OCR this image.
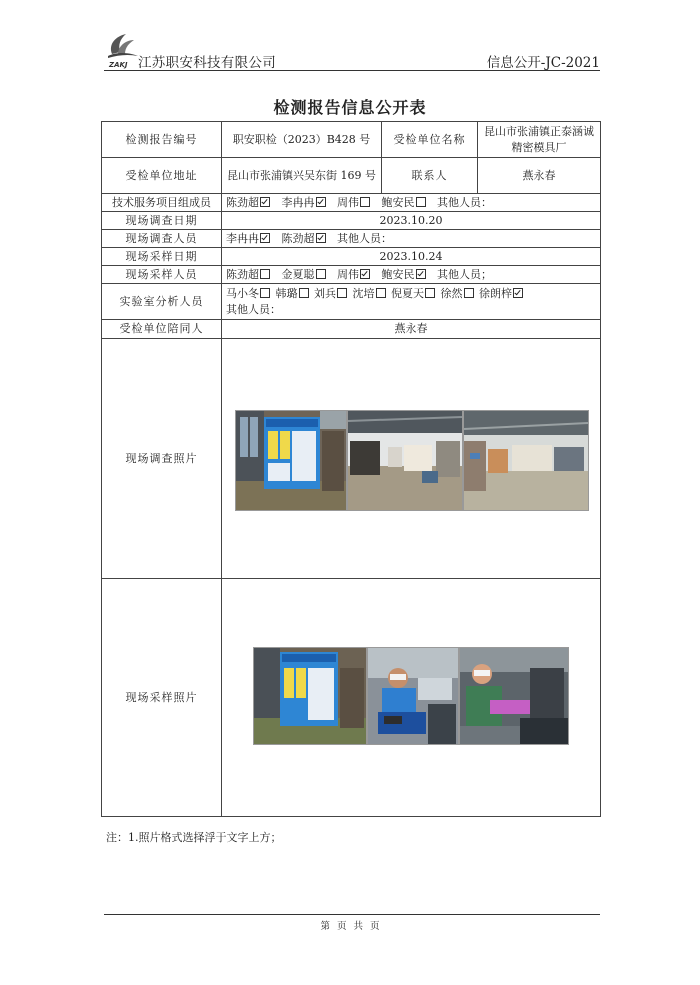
ZAKJ 江苏职安科技有限公司	信息公开-JC-2021
检测报告信息公开表
检测报告编号	职安职检（2023）B428 号	受检单位名称	昆山市张浦镇正泰涵诚精密模具厂
受检单位地址	昆山市张浦镇兴吴东街 169 号	联系人	燕永春
技术服务项目组成员	陈劲超 李冉冉 周伟 鲍安民 其他人员：		
现场调查日期	2023.10.20		
现场调查人员	李冉冉 陈劲超 其他人员：		
现场采样日期	2023.10.24		
现场采样人员	陈劲超 金夏聪 周伟 鲍安民 其他人员；		
实验室分析人员	马小冬 韩璐 刘兵 沈培 倪夏天 徐然 徐朗梓
其他人员：		

受检单位陪同人	燕永春		
现场调查照片	

现场采样照片	
注：1.照片格式选择浮于文字上方；
第 页 共 页
